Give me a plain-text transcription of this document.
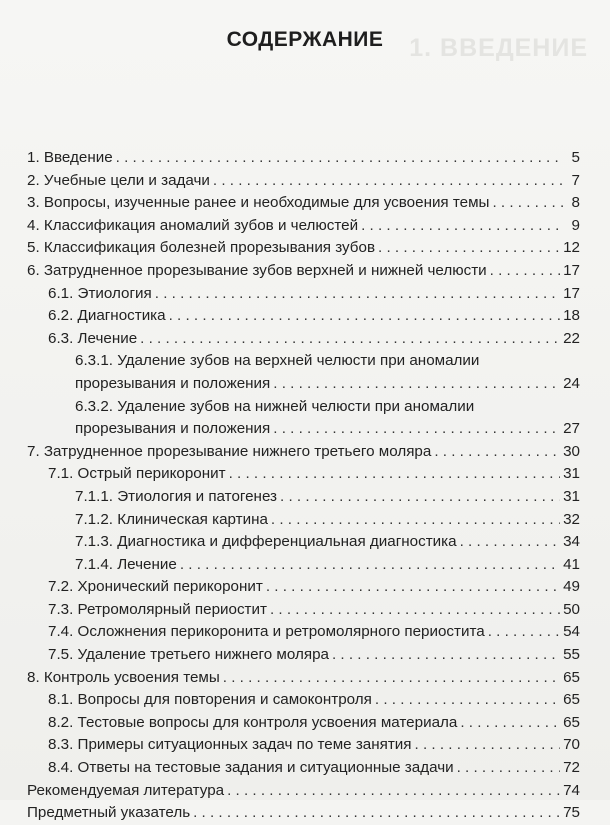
1. ВВЕДЕНИЕ
СОДЕРЖАНИЕ
1. Введение . . .	5
2. Учебные цели и задачи . . .	7
3. Вопросы, изученные ранее и необходимые для усвоения темы . . .	8
4. Классификация аномалий зубов и челюстей . . .	9
5. Классификация болезней прорезывания зубов . . .	12
6. Затрудненное прорезывание зубов верхней и нижней челюсти . . .	17
6.1. Этиология . . .	17
6.2. Диагностика . . .	18
6.3. Лечение . . .	22
6.3.1. Удаление зубов на верхней челюсти при аномалии
прорезывания и положения . . .	24
6.3.2. Удаление зубов на нижней челюсти при аномалии
прорезывания и положения . . .	27
7. Затрудненное прорезывание нижнего третьего моляра . . .	30
7.1. Острый перикоронит . . .	31
7.1.1. Этиология и патогенез . . .	31
7.1.2. Клиническая картина . . .	32
7.1.3. Диагностика и дифференциальная диагностика . . .	34
7.1.4. Лечение . . .	41
7.2. Хронический перикоронит . . .	49
7.3. Ретромолярный периостит . . .	50
7.4. Осложнения перикоронита и ретромолярного периостита . . .	54
7.5. Удаление третьего нижнего моляра . . .	55
8. Контроль усвоения темы . . .	65
8.1. Вопросы для повторения и самоконтроля . . .	65
8.2. Тестовые вопросы для контроля усвоения материала . . .	65
8.3. Примеры ситуационных задач по теме занятия . . .	70
8.4. Ответы на тестовые задания и ситуационные задачи . . .	72
Рекомендуемая литература . . .	74
Предметный указатель . . .	75
